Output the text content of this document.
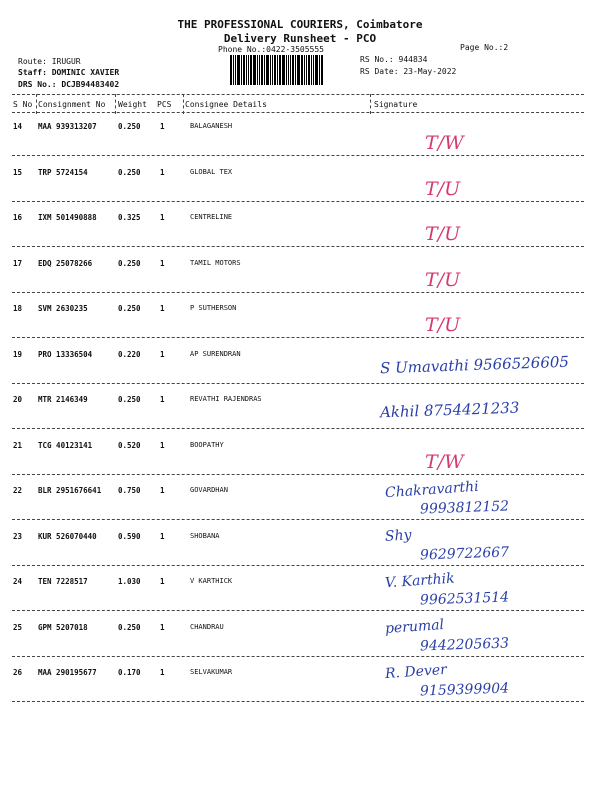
THE PROFESSIONAL COURIERS, Coimbatore
Delivery Runsheet - PCO
Phone No.:0422-3505555	Page No.:2
Route: IRUGUR
Staff: DOMINIC XAVIER
DRS No.: DCJB94483402
RS No.: 944834
RS Date: 23-May-2022
S No Consignment No Weight PCS Consignee Details	Signature
14 MAA 939313207	0.250	1	BALAGANESH
T/W
15 TRP 5724154	0.250	1	GLOBAL TEX
T/U
16 IXM 501490888	0.325	1	CENTRELINE
T/U
17 EDQ 25078266	0.250	1	TAMIL MOTORS
T/U
18 SVM 2630235	0.250	1	P SUTHERSON
T/U
19 PRO 13336504	0.220	1	AP SURENDRAN	S Umavathi 9566526605
20 MTR 2146349	0.250	1	REVATHI RAJENDRAS	Akhil 8754421233
21 TCG 40123141	0.520	1	BOOPATHY
T/W
22 BLR 2951676641 0.750	1	GOVARDHAN	Chakravarthi
9993812152
23 KUR 526070440	0.590	1	SHOBANA	Shy
9629722667
24 TEN 7228517	1.030	1	V KARTHICK	V. Karthik
9962531514
25 GPM 5207018	0.250	1	CHANDRAU	perumal
9442205633
26 MAA 290195677	0.170	1	SELVAKUMAR	R. Dever
9159399904
